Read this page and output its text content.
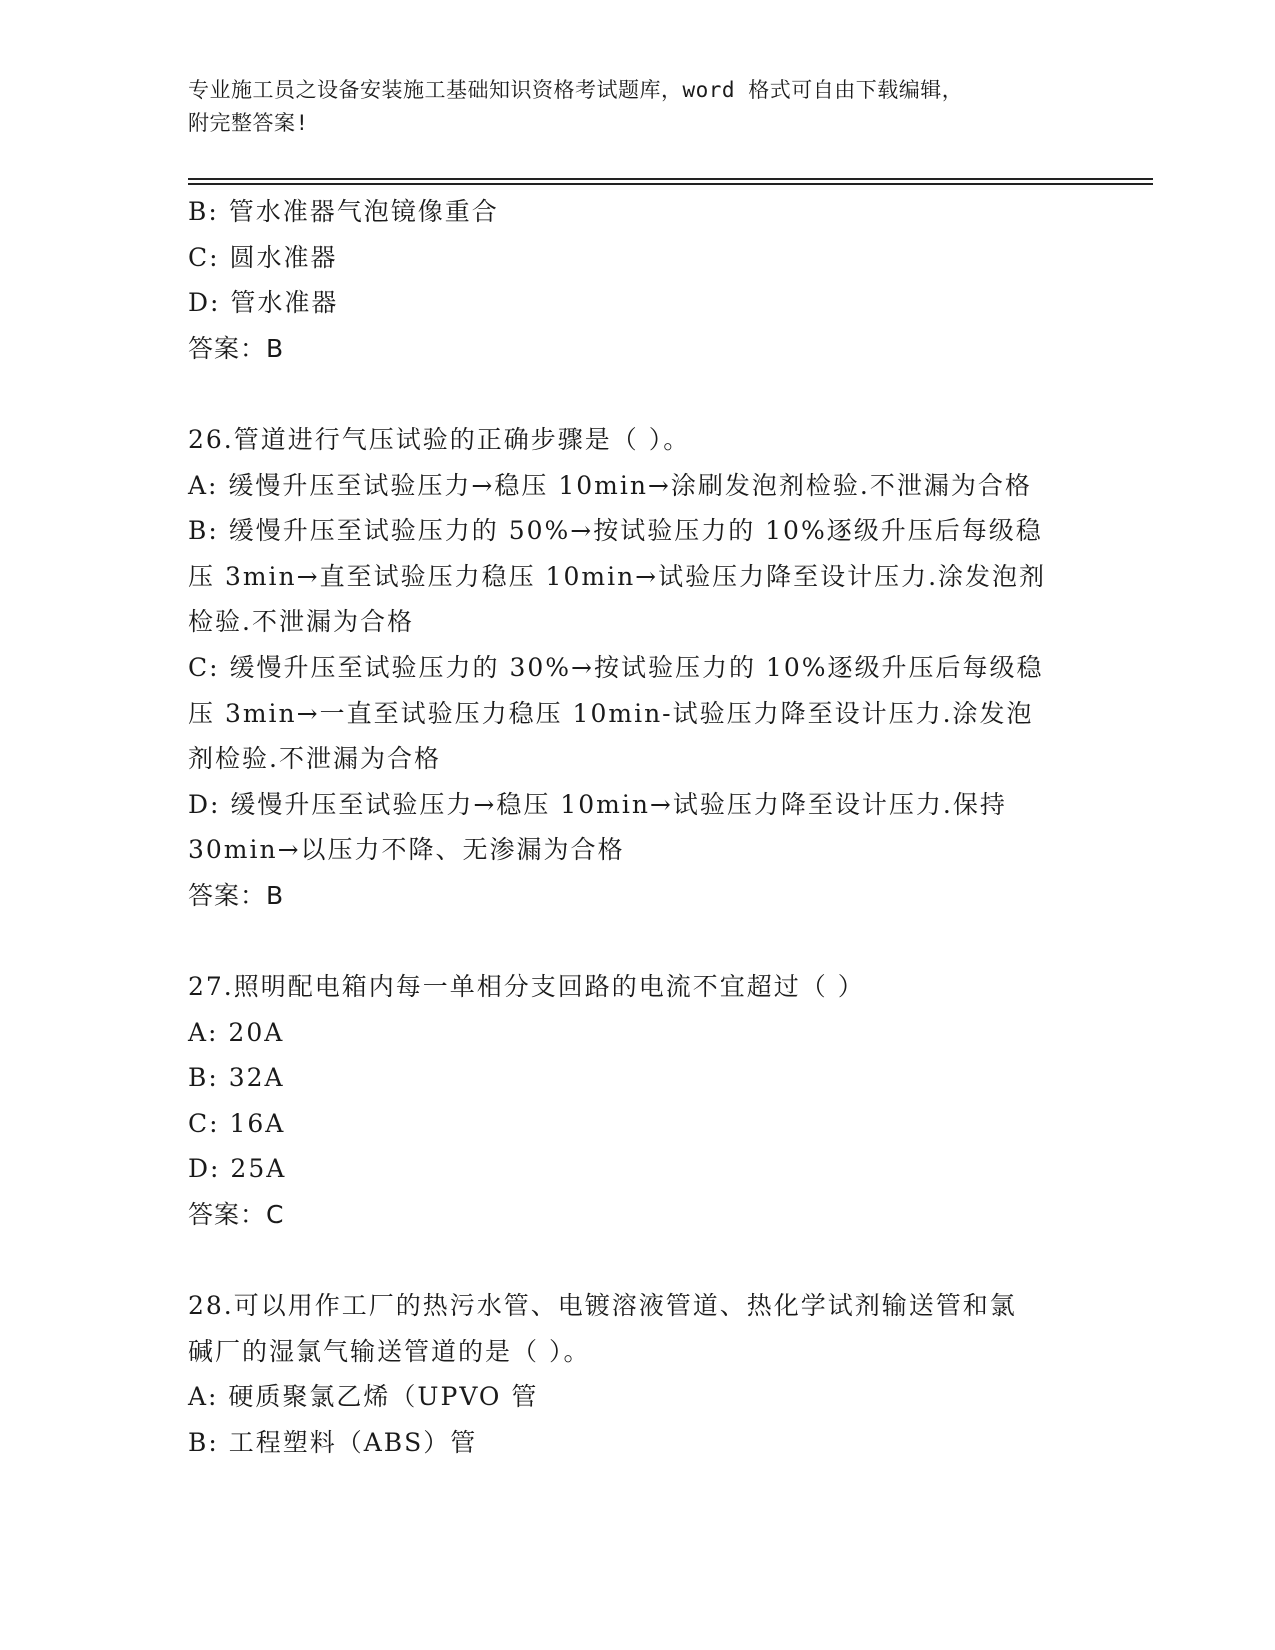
专业施工员之设备安装施工基础知识资格考试题库，word 格式可自由下载编辑，
附完整答案!
B: 管水准器气泡镜像重合
C: 圆水准器
D: 管水准器
答案：B
26.管道进行气压试验的正确步骤是（ ）。
A: 缓慢升压至试验压力→稳压 10min→涂刷发泡剂检验.不泄漏为合格
B: 缓慢升压至试验压力的 50%→按试验压力的 10%逐级升压后每级稳
压 3min→直至试验压力稳压 10min→试验压力降至设计压力.涂发泡剂
检验.不泄漏为合格
C: 缓慢升压至试验压力的 30%→按试验压力的 10%逐级升压后每级稳
压 3min→一直至试验压力稳压 10min-试验压力降至设计压力.涂发泡
剂检验.不泄漏为合格
D: 缓慢升压至试验压力→稳压 10min→试验压力降至设计压力.保持
30min→以压力不降、无渗漏为合格
答案：B
27.照明配电箱内每一单相分支回路的电流不宜超过（ ）
A: 20A
B: 32A
C: 16A
D: 25A
答案：C
28.可以用作工厂的热污水管、电镀溶液管道、热化学试剂输送管和氯
碱厂的湿氯气输送管道的是（ ）。
A: 硬质聚氯乙烯（UPVO 管
B: 工程塑料（ABS）管
